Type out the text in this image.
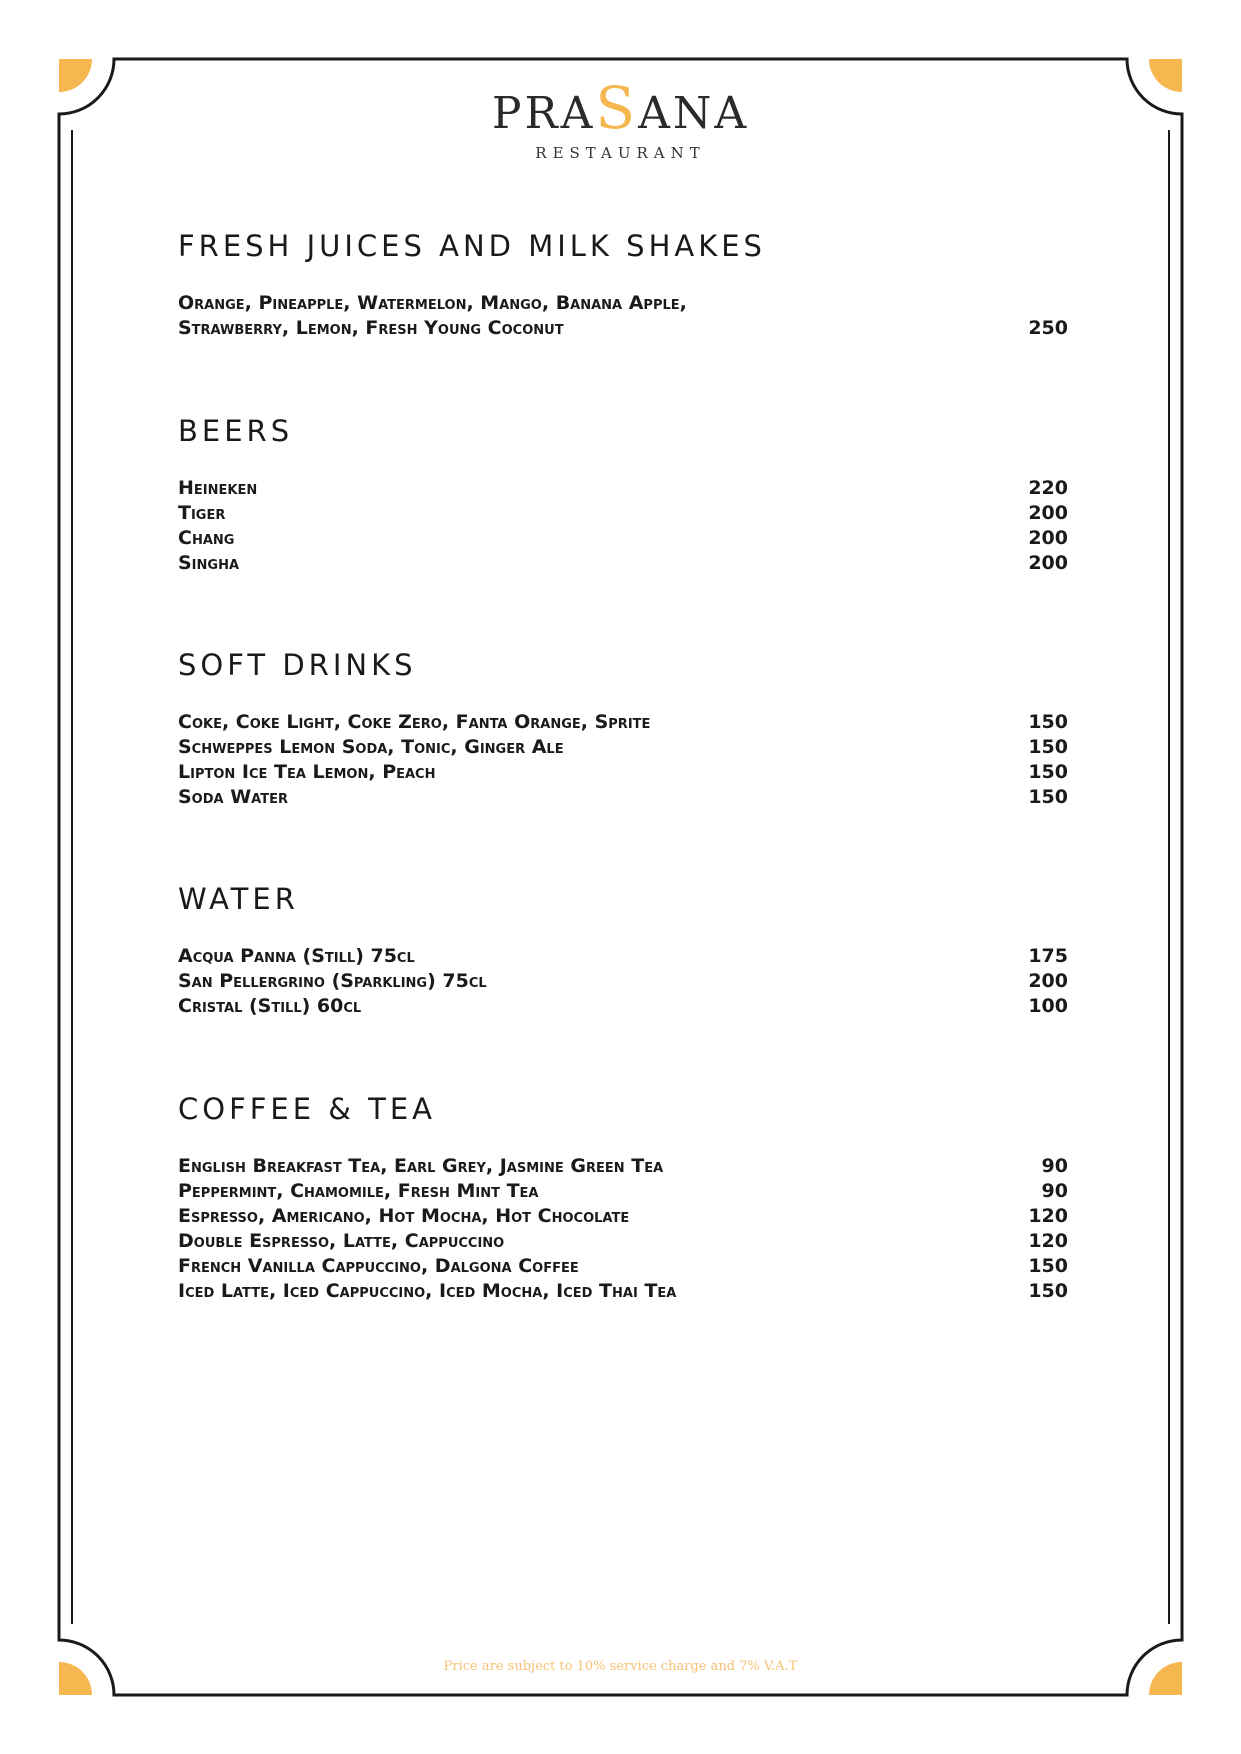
PRASANA
RESTAURANT
FRESH JUICES AND MILK SHAKES
Orange, Pineapple, Watermelon, Mango, Banana Apple,
Strawberry, Lemon, Fresh Young Coconut	250
BEERS
Heineken	220
Tiger	200
Chang	200
Singha	200
SOFT DRINKS
Coke, Coke Light, Coke Zero, Fanta Orange, Sprite	150
Schweppes Lemon Soda, Tonic, Ginger Ale	150
Lipton Ice Tea Lemon, Peach	150
Soda Water	150
WATER
Acqua Panna (Still) 75cl	175
San Pellergrino (Sparkling) 75cl	200
Cristal (Still) 60cl	100
COFFEE & TEA
English Breakfast Tea, Earl Grey, Jasmine Green Tea	90
Peppermint, Chamomile, Fresh Mint Tea	90
Espresso, Americano, Hot Mocha, Hot Chocolate	120
Double Espresso, Latte, Cappuccino	120
French Vanilla Cappuccino, Dalgona Coffee	150
Iced Latte, Iced Cappuccino, Iced Mocha, Iced Thai Tea	150
Price are subject to 10% service charge and 7% V.A.T
